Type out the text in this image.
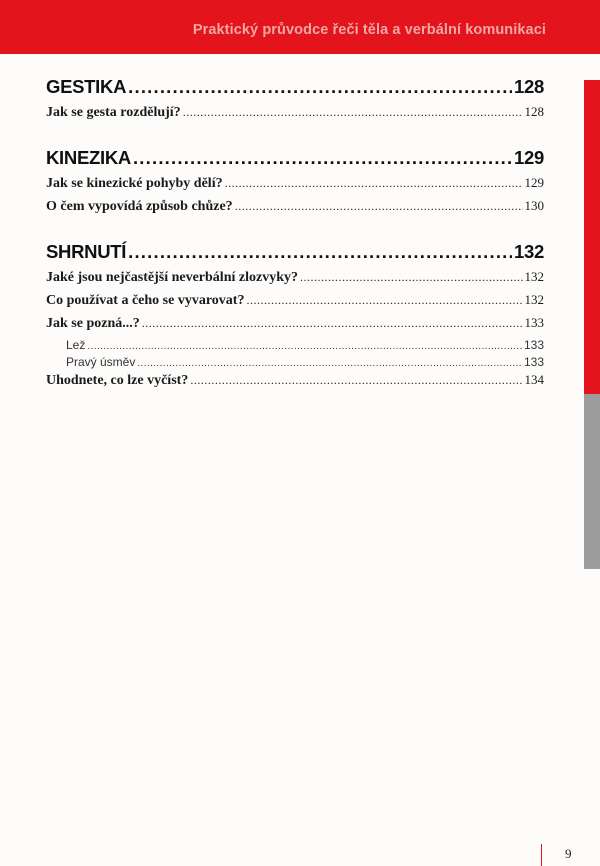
Praktický průvodce řeči těla a verbální komunikaci
GESTIKA .....	128
Jak se gesta rozdělují? .....	128
KINEZIKA .....	129
Jak se kinezické pohyby dělí? .....	129
O čem vypovídá způsob chůze? .....	130
SHRNUTÍ .....	132
Jaké jsou nejčastější neverbální zlozvyky? .....	132
Co používat a čeho se vyvarovat? .....	132
Jak se pozná...? .....	133
Lež .....	133
Pravý úsměv .....	133
Uhodnete, co lze vyčíst? .....	134
9
